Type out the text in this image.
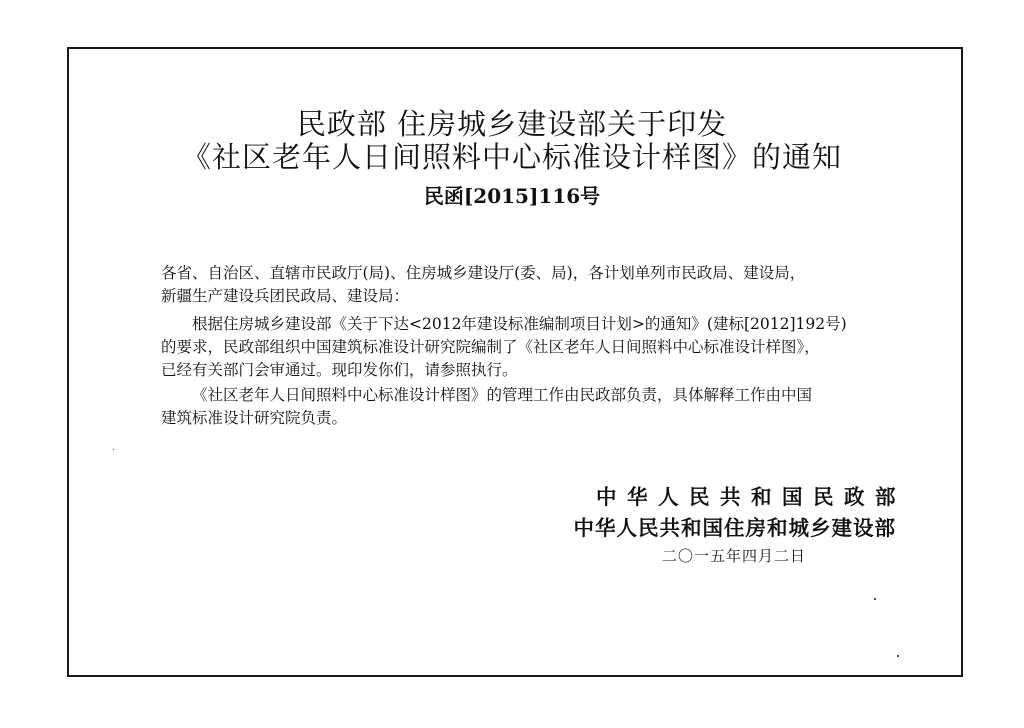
民政部 住房城乡建设部关于印发
《社区老年人日间照料中心标准设计样图》的通知
民函[2015]116号
各省、自治区、直辖市民政厅(局)、住房城乡建设厅(委、局)，各计划单列市民政局、建设局，
新疆生产建设兵团民政局、建设局：
根据住房城乡建设部《关于下达<2012年建设标准编制项目计划>的通知》(建标[2012]192号)
的要求，民政部组织中国建筑标准设计研究院编制了《社区老年人日间照料中心标准设计样图》，
已经有关部门会审通过。现印发你们，请参照执行。
《社区老年人日间照料中心标准设计样图》的管理工作由民政部负责，具体解释工作由中国
建筑标准设计研究院负责。
中华人民共和国民政部
中华人民共和国住房和城乡建设部
二〇一五年四月二日
